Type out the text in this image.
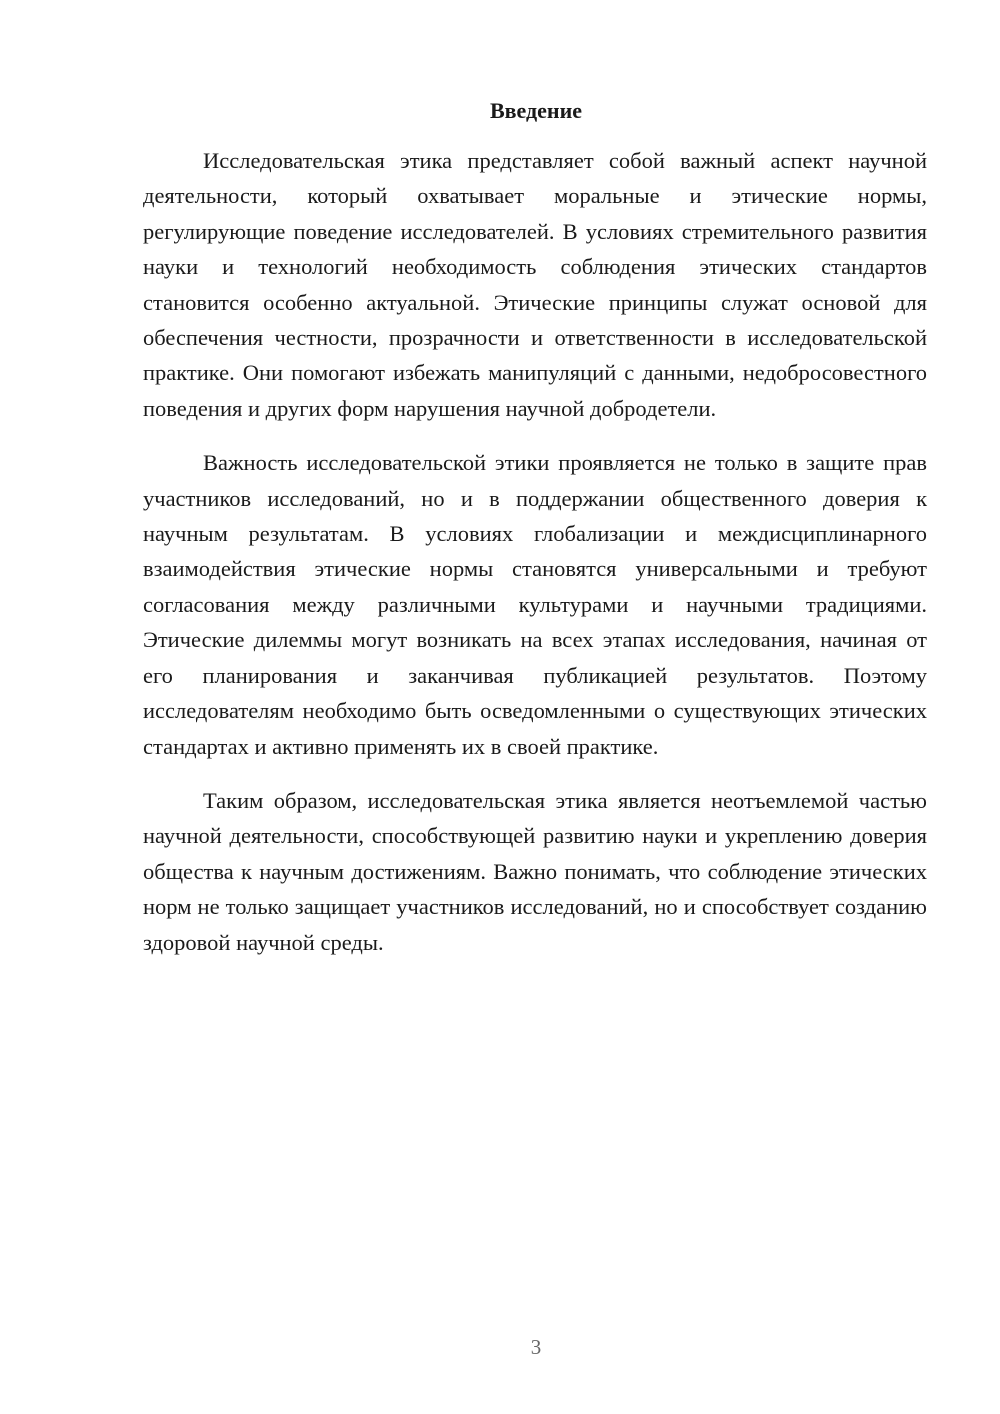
Введение

Исследовательская этика представляет собой важный аспект научной деятельности, который охватывает моральные и этические нормы, регулирующие поведение исследователей. В условиях стремительного развития науки и технологий необходимость соблюдения этических стандартов становится особенно актуальной. Этические принципы служат основой для обеспечения честности, прозрачности и ответственности в исследовательской практике. Они помогают избежать манипуляций с данными, недобросовестного поведения и других форм нарушения научной добродетели.

Важность исследовательской этики проявляется не только в защите прав участников исследований, но и в поддержании общественного доверия к научным результатам. В условиях глобализации и междисциплинарного взаимодействия этические нормы становятся универсальными и требуют согласования между различными культурами и научными традициями. Этические дилеммы могут возникать на всех этапах исследования, начиная от его планирования и заканчивая публикацией результатов. Поэтому исследователям необходимо быть осведомленными о существующих этических стандартах и активно применять их в своей практике.

Таким образом, исследовательская этика является неотъемлемой частью научной деятельности, способствующей развитию науки и укреплению доверия общества к научным достижениям. Важно понимать, что соблюдение этических норм не только защищает участников исследований, но и способствует созданию здоровой научной среды.

3
